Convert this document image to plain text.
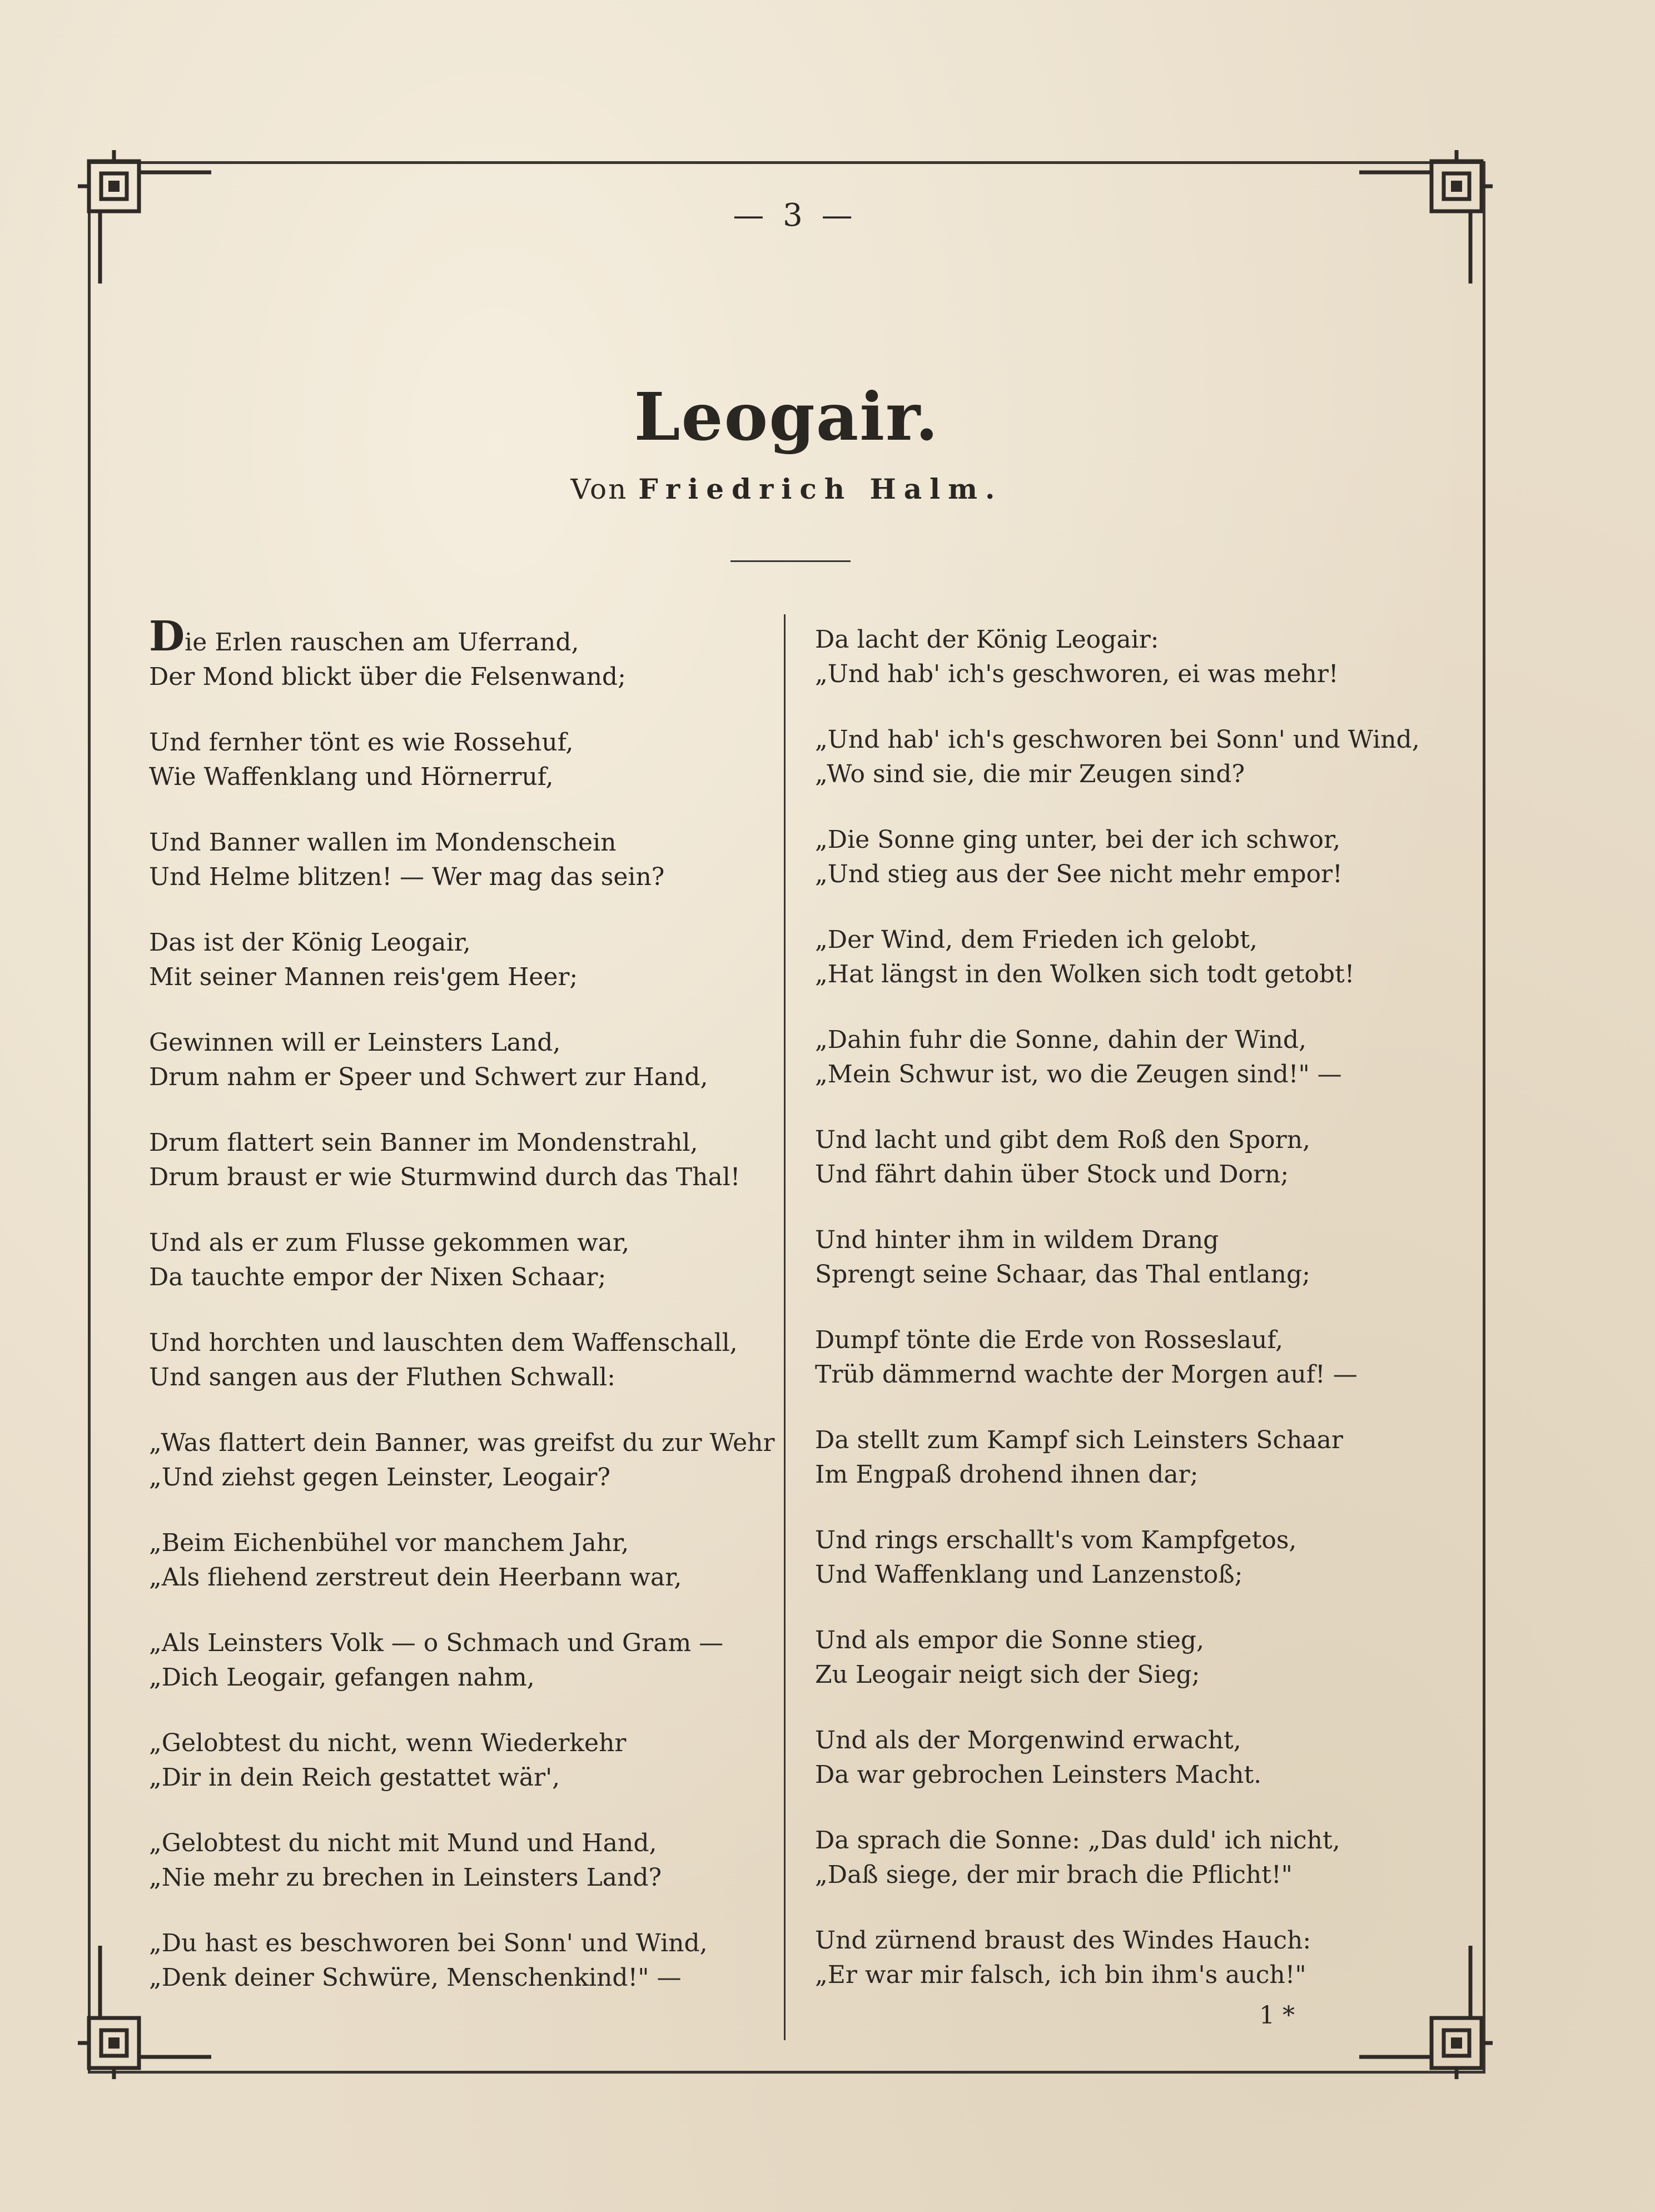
— 3 —
Leogair.
Von Friedrich Halm.
Die Erlen rauschen am Uferrand,
Der Mond blickt über die Felsenwand;
Und fernher tönt es wie Rossehuf,
Wie Waffenklang und Hörnerruf,
Und Banner wallen im Mondenschein
Und Helme blitzen! — Wer mag das sein?
Das ist der König Leogair,
Mit seiner Mannen reis'gem Heer;
Gewinnen will er Leinsters Land,
Drum nahm er Speer und Schwert zur Hand,
Drum flattert sein Banner im Mondenstrahl,
Drum braust er wie Sturmwind durch das Thal!
Und als er zum Flusse gekommen war,
Da tauchte empor der Nixen Schaar;
Und horchten und lauschten dem Waffenschall,
Und sangen aus der Fluthen Schwall:
„Was flattert dein Banner, was greifst du zur Wehr
„Und ziehst gegen Leinster, Leogair?
„Beim Eichenbühel vor manchem Jahr,
„Als fliehend zerstreut dein Heerbann war,
„Als Leinsters Volk — o Schmach und Gram —
„Dich Leogair, gefangen nahm,
„Gelobtest du nicht, wenn Wiederkehr
„Dir in dein Reich gestattet wär',
„Gelobtest du nicht mit Mund und Hand,
„Nie mehr zu brechen in Leinsters Land?
„Du hast es beschworen bei Sonn' und Wind,
„Denk deiner Schwüre, Menschenkind!" —
Da lacht der König Leogair:
„Und hab' ich's geschworen, ei was mehr!
„Und hab' ich's geschworen bei Sonn' und Wind,
„Wo sind sie, die mir Zeugen sind?
„Die Sonne ging unter, bei der ich schwor,
„Und stieg aus der See nicht mehr empor!
„Der Wind, dem Frieden ich gelobt,
„Hat längst in den Wolken sich todt getobt!
„Dahin fuhr die Sonne, dahin der Wind,
„Mein Schwur ist, wo die Zeugen sind!" —
Und lacht und gibt dem Roß den Sporn,
Und fährt dahin über Stock und Dorn;
Und hinter ihm in wildem Drang
Sprengt seine Schaar, das Thal entlang;
Dumpf tönte die Erde von Rosseslauf,
Trüb dämmernd wachte der Morgen auf! —
Da stellt zum Kampf sich Leinsters Schaar
Im Engpaß drohend ihnen dar;
Und rings erschallt's vom Kampfgetos,
Und Waffenklang und Lanzenstoß;
Und als empor die Sonne stieg,
Zu Leogair neigt sich der Sieg;
Und als der Morgenwind erwacht,
Da war gebrochen Leinsters Macht.
Da sprach die Sonne: „Das duld' ich nicht,
„Daß siege, der mir brach die Pflicht!"
Und zürnend braust des Windes Hauch:
„Er war mir falsch, ich bin ihm's auch!"
1 *
